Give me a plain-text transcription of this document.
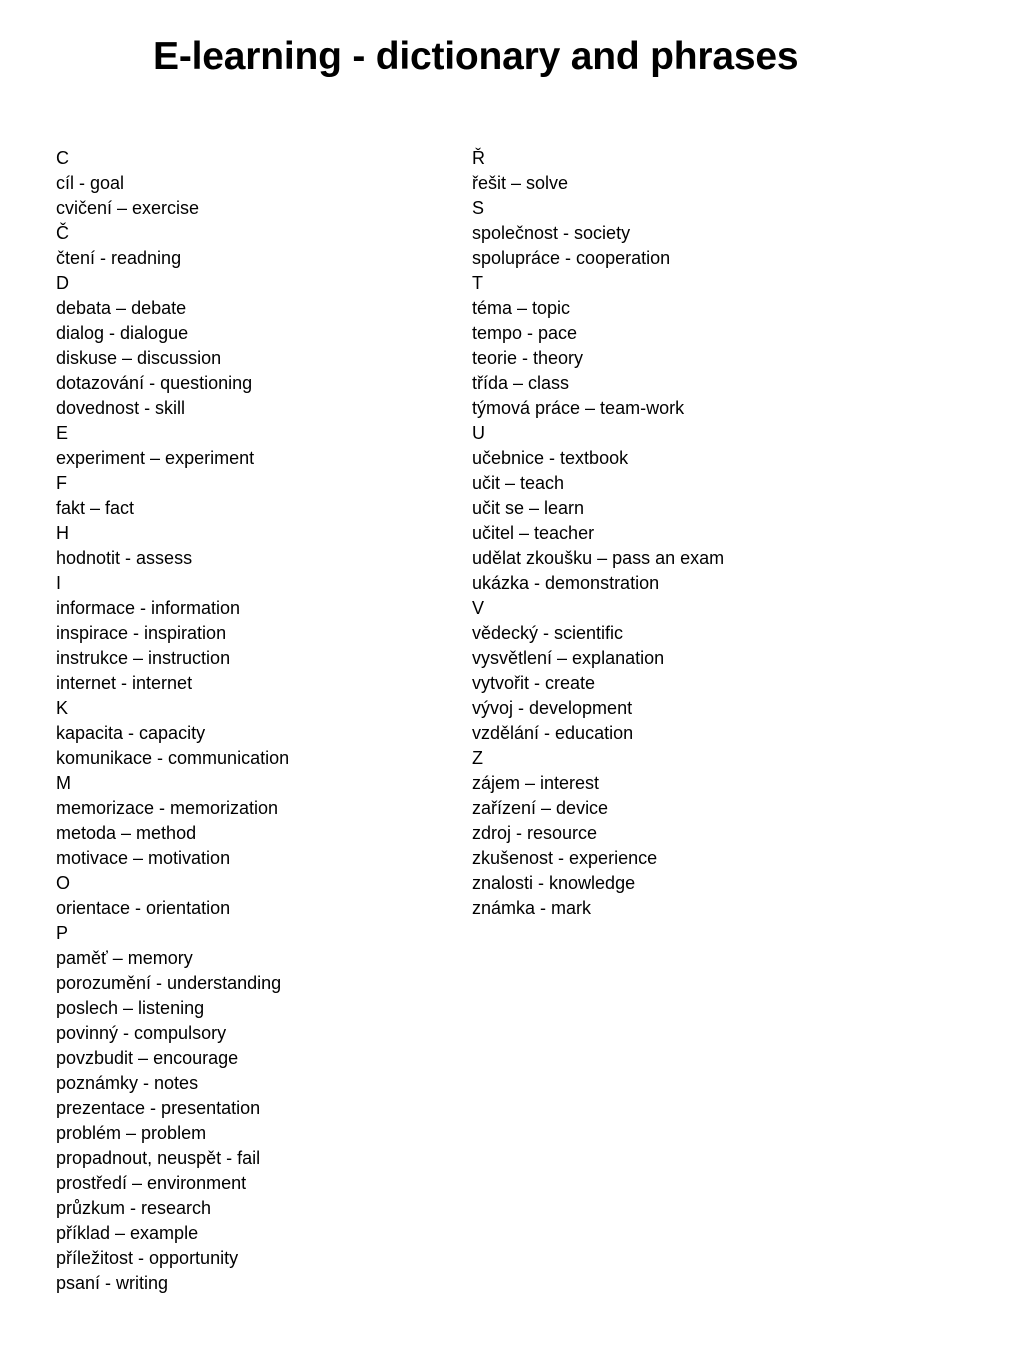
E-learning - dictionary and phrases
C
cíl - goal
cvičení – exercise
Č
čtení - readning
D
debata – debate
dialog - dialogue
diskuse – discussion
dotazování - questioning
dovednost - skill
E
experiment – experiment
F
fakt – fact
H
hodnotit - assess
I
informace - information
inspirace - inspiration
instrukce – instruction
internet - internet
K
kapacita - capacity
komunikace - communication
M
memorizace - memorization
metoda – method
motivace – motivation
O
orientace - orientation
P
paměť – memory
porozumění - understanding
poslech – listening
povinný - compulsory
povzbudit – encourage
poznámky - notes
prezentace - presentation
problém – problem
propadnout, neuspět - fail
prostředí – environment
průzkum - research
příklad – example
příležitost - opportunity
psaní - writing
Ř
řešit – solve
S
společnost - society
spolupráce - cooperation
T
téma – topic
tempo - pace
teorie - theory
třída – class
týmová práce – team-work
U
učebnice - textbook
učit – teach
učit se – learn
učitel – teacher
udělat zkoušku – pass an exam
ukázka - demonstration
V
vědecký - scientific
vysvětlení – explanation
vytvořit - create
vývoj - development
vzdělání - education
Z
zájem – interest
zařízení – device
zdroj - resource
zkušenost - experience
znalosti - knowledge
známka - mark
